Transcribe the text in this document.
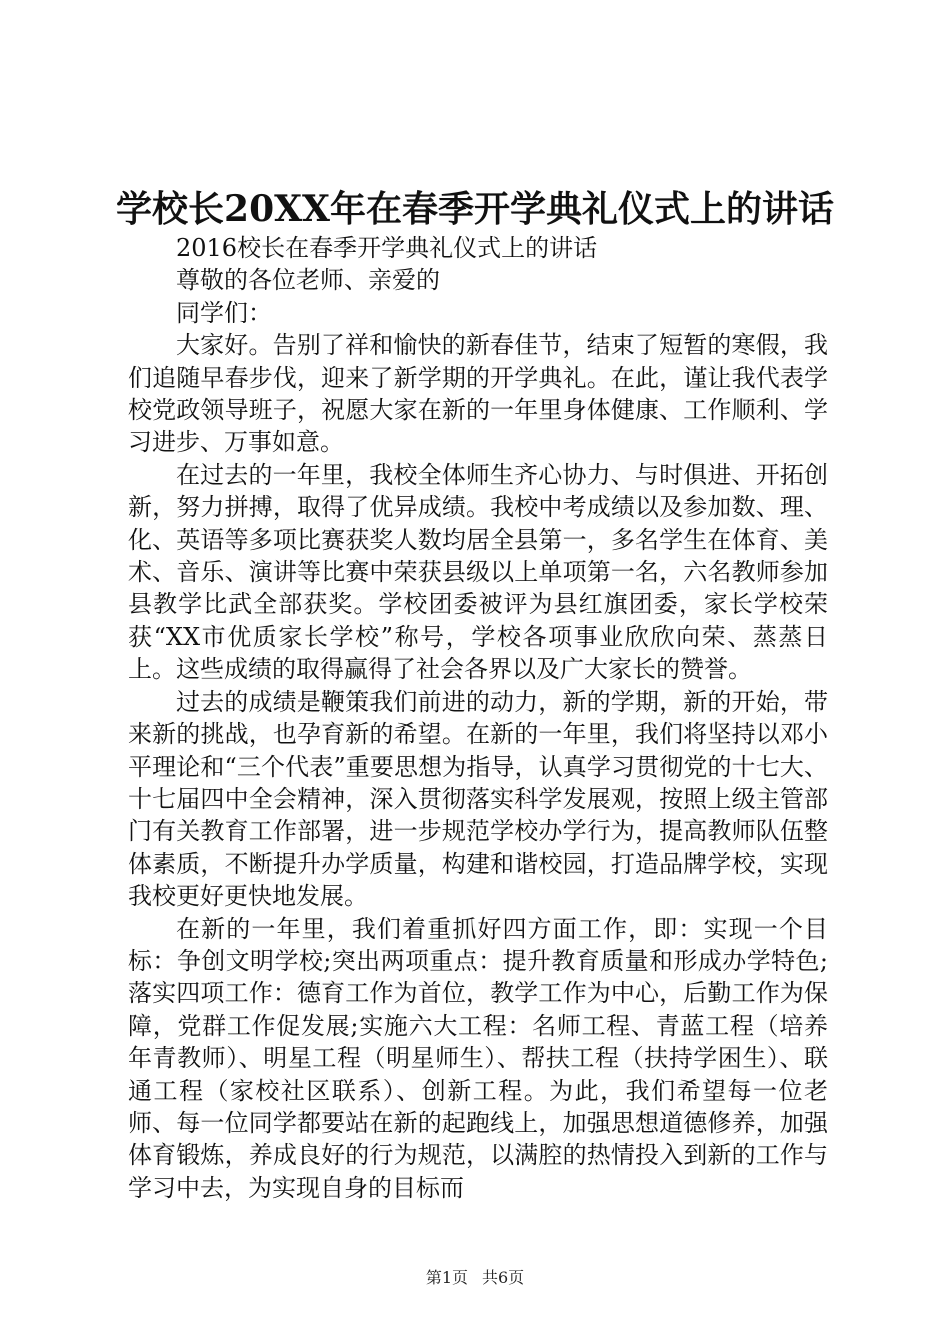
学校长20XX年在春季开学典礼仪式上的讲话

2016校长在春季开学典礼仪式上的讲话

尊敬的各位老师、亲爱的

同学们：

大家好。告别了祥和愉快的新春佳节，结束了短暂的寒假，我们追随早春步伐，迎来了新学期的开学典礼。在此，谨让我代表学校党政领导班子，祝愿大家在新的一年里身体健康、工作顺利、学习进步、万事如意。

在过去的一年里，我校全体师生齐心协力、与时俱进、开拓创新，努力拼搏，取得了优异成绩。我校中考成绩以及参加数、理、化、英语等多项比赛获奖人数均居全县第一，多名学生在体育、美术、音乐、演讲等比赛中荣获县级以上单项第一名，六名教师参加县教学比武全部获奖。学校团委被评为县红旗团委，家长学校荣获“XX市优质家长学校”称号，学校各项事业欣欣向荣、蒸蒸日上。这些成绩的取得赢得了社会各界以及广大家长的赞誉。

过去的成绩是鞭策我们前进的动力，新的学期，新的开始，带来新的挑战，也孕育新的希望。在新的一年里，我们将坚持以邓小平理论和“三个代表”重要思想为指导，认真学习贯彻党的十七大、十七届四中全会精神，深入贯彻落实科学发展观，按照上级主管部门有关教育工作部署，进一步规范学校办学行为，提高教师队伍整体素质，不断提升办学质量，构建和谐校园，打造品牌学校，实现我校更好更快地发展。

在新的一年里，我们着重抓好四方面工作，即：实现一个目标：争创文明学校;突出两项重点：提升教育质量和形成办学特色;落实四项工作：德育工作为首位，教学工作为中心，后勤工作为保障，党群工作促发展;实施六大工程：名师工程、青蓝工程（培养年青教师）、明星工程（明星师生）、帮扶工程（扶持学困生）、联通工程（家校社区联系）、创新工程。为此，我们希望每一位老师、每一位同学都要站在新的起跑线上，加强思想道德修养，加强体育锻炼，养成良好的行为规范，以满腔的热情投入到新的工作与学习中去，为实现自身的目标而

第1页 共6页
